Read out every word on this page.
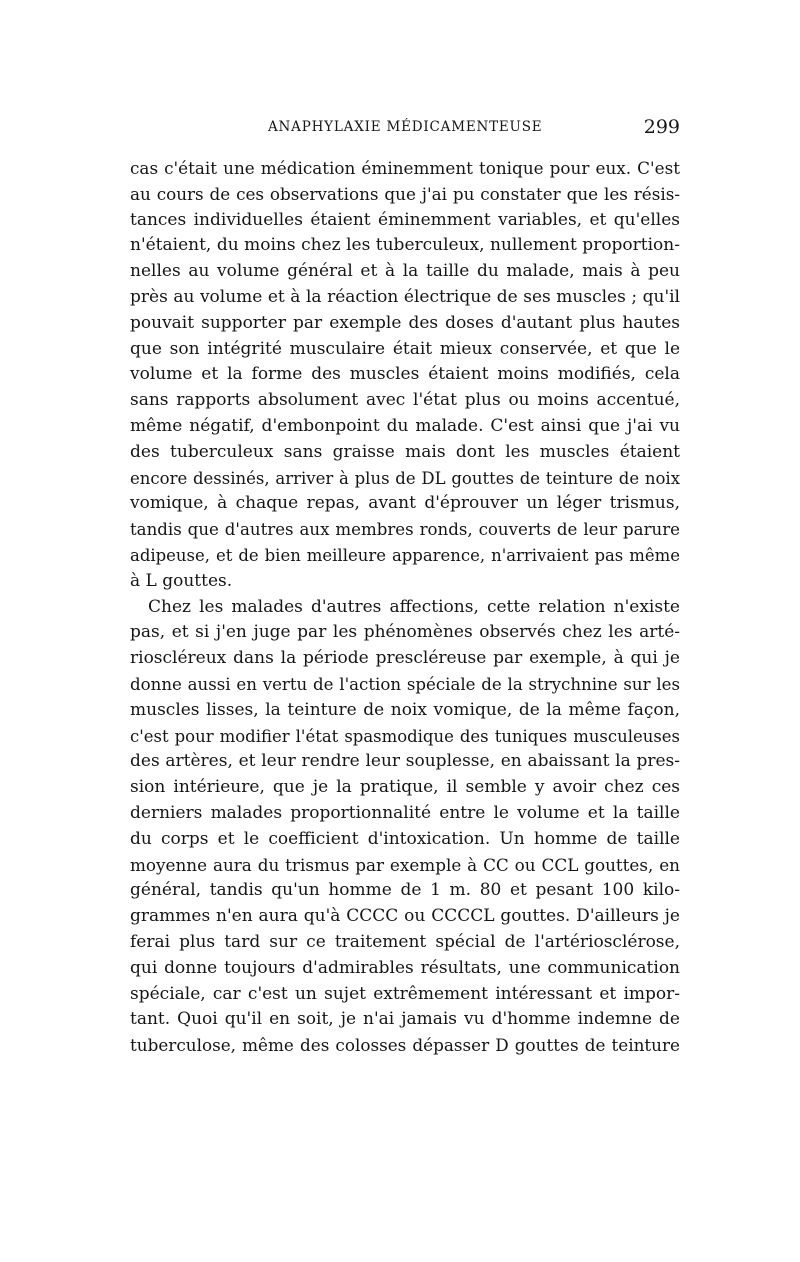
ANAPHYLAXIE MÉDICAMENTEUSE	299
cas c'était une médication éminemment tonique pour eux. C'est
au cours de ces observations que j'ai pu constater que les résis-
tances individuelles étaient éminemment variables, et qu'elles
n'étaient, du moins chez les tuberculeux, nullement proportion-
nelles au volume général et à la taille du malade, mais à peu
près au volume et à la réaction électrique de ses muscles ; qu'il
pouvait supporter par exemple des doses d'autant plus hautes
que son intégrité musculaire était mieux conservée, et que le
volume et la forme des muscles étaient moins modifiés, cela
sans rapports absolument avec l'état plus ou moins accentué,
même négatif, d'embonpoint du malade. C'est ainsi que j'ai vu
des tuberculeux sans graisse mais dont les muscles étaient
encore dessinés, arriver à plus de DL gouttes de teinture de noix
vomique, à chaque repas, avant d'éprouver un léger trismus,
tandis que d'autres aux membres ronds, couverts de leur parure
adipeuse, et de bien meilleure apparence, n'arrivaient pas même
à L gouttes.
Chez les malades d'autres affections, cette relation n'existe
pas, et si j'en juge par les phénomènes observés chez les arté-
rioscléreux dans la période prescléreuse par exemple, à qui je
donne aussi en vertu de l'action spéciale de la strychnine sur les
muscles lisses, la teinture de noix vomique, de la même façon,
c'est pour modifier l'état spasmodique des tuniques musculeuses
des artères, et leur rendre leur souplesse, en abaissant la pres-
sion intérieure, que je la pratique, il semble y avoir chez ces
derniers malades proportionnalité entre le volume et la taille
du corps et le coefficient d'intoxication. Un homme de taille
moyenne aura du trismus par exemple à CC ou CCL gouttes, en
général, tandis qu'un homme de 1 m. 80 et pesant 100 kilo-
grammes n'en aura qu'à CCCC ou CCCCL gouttes. D'ailleurs je
ferai plus tard sur ce traitement spécial de l'artériosclérose,
qui donne toujours d'admirables résultats, une communication
spéciale, car c'est un sujet extrêmement intéressant et impor-
tant. Quoi qu'il en soit, je n'ai jamais vu d'homme indemne de
tuberculose, même des colosses dépasser D gouttes de teinture
